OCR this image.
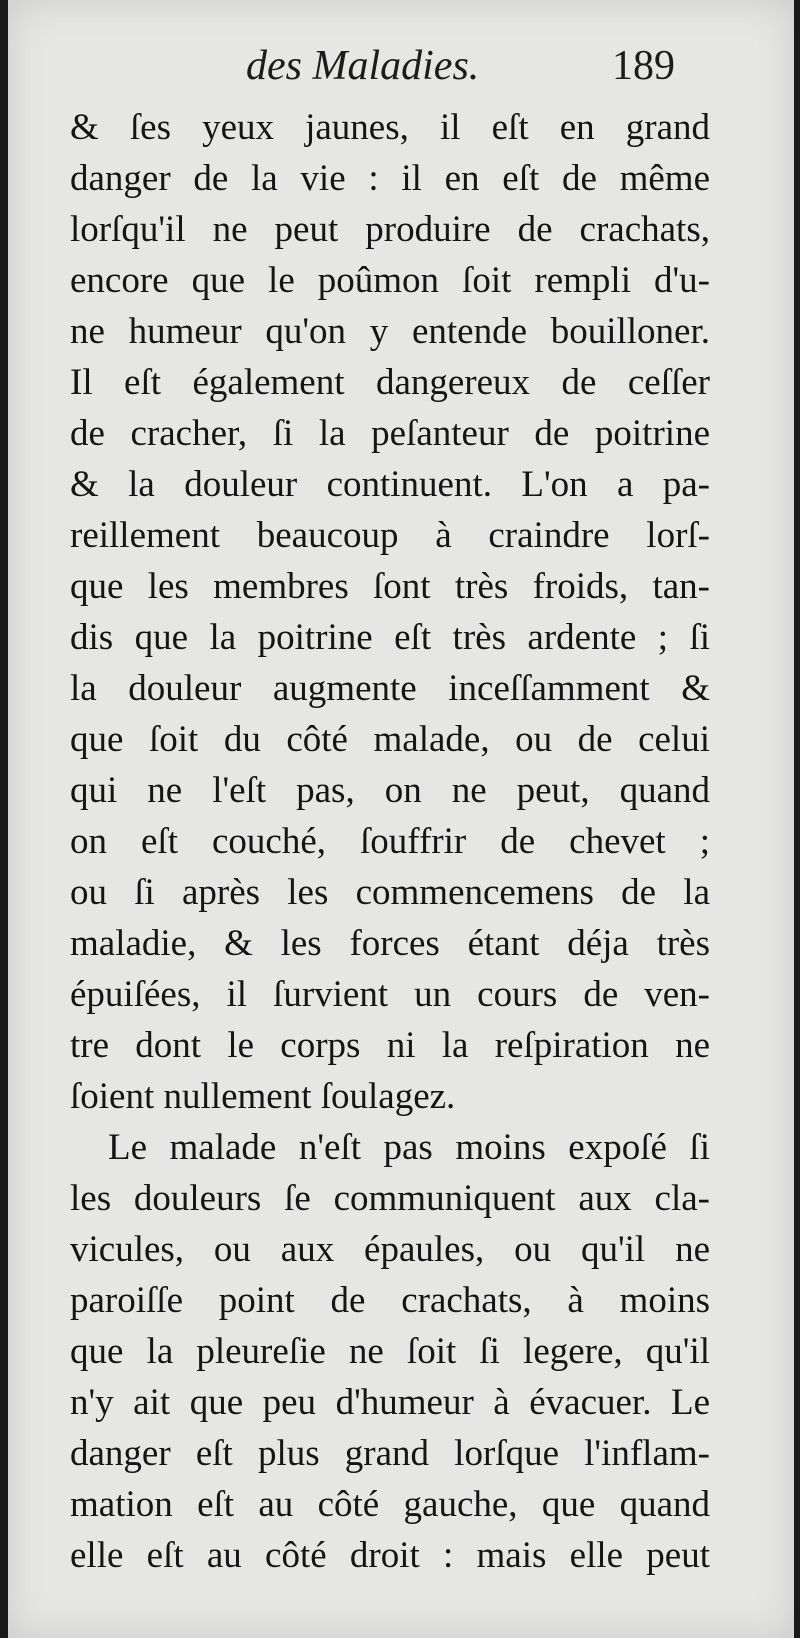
des Maladies.	189
& ſes yeux jaunes, il eſt en grand
danger de la vie : il en eſt de même
lorſqu'il ne peut produire de crachats,
encore que le poûmon ſoit rempli d'u-
ne humeur qu'on y entende bouilloner.
Il eſt également dangereux de ceſſer
de cracher, ſi la peſanteur de poitrine
& la douleur continuent. L'on a pa-
reillement beaucoup à craindre lorſ-
que les membres ſont très froids, tan-
dis que la poitrine eſt très ardente ; ſi
la douleur augmente inceſſamment &
que ſoit du côté malade, ou de celui
qui ne l'eſt pas, on ne peut, quand
on eſt couché, ſouffrir de chevet ;
ou ſi après les commencemens de la
maladie, & les forces étant déja très
épuiſées, il ſurvient un cours de ven-
tre dont le corps ni la reſpiration ne
ſoient nullement ſoulagez.
Le malade n'eſt pas moins expoſé ſi
les douleurs ſe communiquent aux cla-
vicules, ou aux épaules, ou qu'il ne
paroiſſe point de crachats, à moins
que la pleureſie ne ſoit ſi legere, qu'il
n'y ait que peu d'humeur à évacuer. Le
danger eſt plus grand lorſque l'inflam-
mation eſt au côté gauche, que quand
elle eſt au côté droit : mais elle peut
